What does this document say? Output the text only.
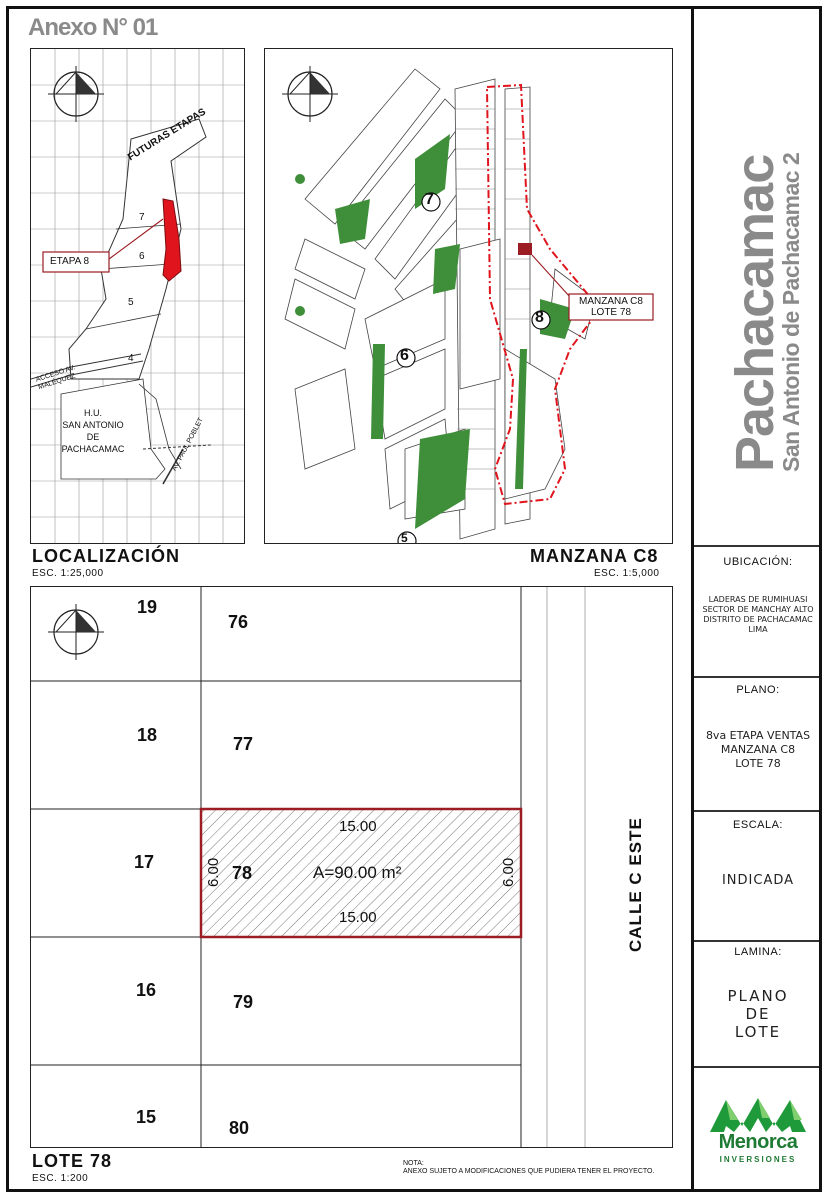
Anexo N° 01
FUTURAS ETAPAS
ETAPA 8
7
6
5
4
ACCESO AV. MALÉQUEZ
H.U.
SAN ANTONIO
DE
PACHACAMAC	AV. PAUL POBLET
LOCALIZACIÓN
ESC. 1:25,000
6
7
8
5
MANZANA C8
LOTE 78
MANZANA C8
ESC. 1:5,000
19
18
17
16
15
76
77
78
79
80
15.00
15.00
A=90.00 m²
6.00	6.00	CALLE C ESTE
LOTE 78
ESC. 1:200
NOTA:
ANEXO SUJETO A MODIFICACIONES QUE PUDIERA TENER EL PROYECTO.
Pachacamac
San Antonio de Pachacamac 2
UBICACIÓN:
LADERAS DE RUMIHUASI
SECTOR DE MANCHAY ALTO
DISTRITO DE PACHACAMAC
LIMA
PLANO:
8va ETAPA VENTAS
MANZANA C8
LOTE 78
ESCALA:
INDICADA
LAMINA:
PLANO
DE
LOTE
Menorca
INVERSIONES
